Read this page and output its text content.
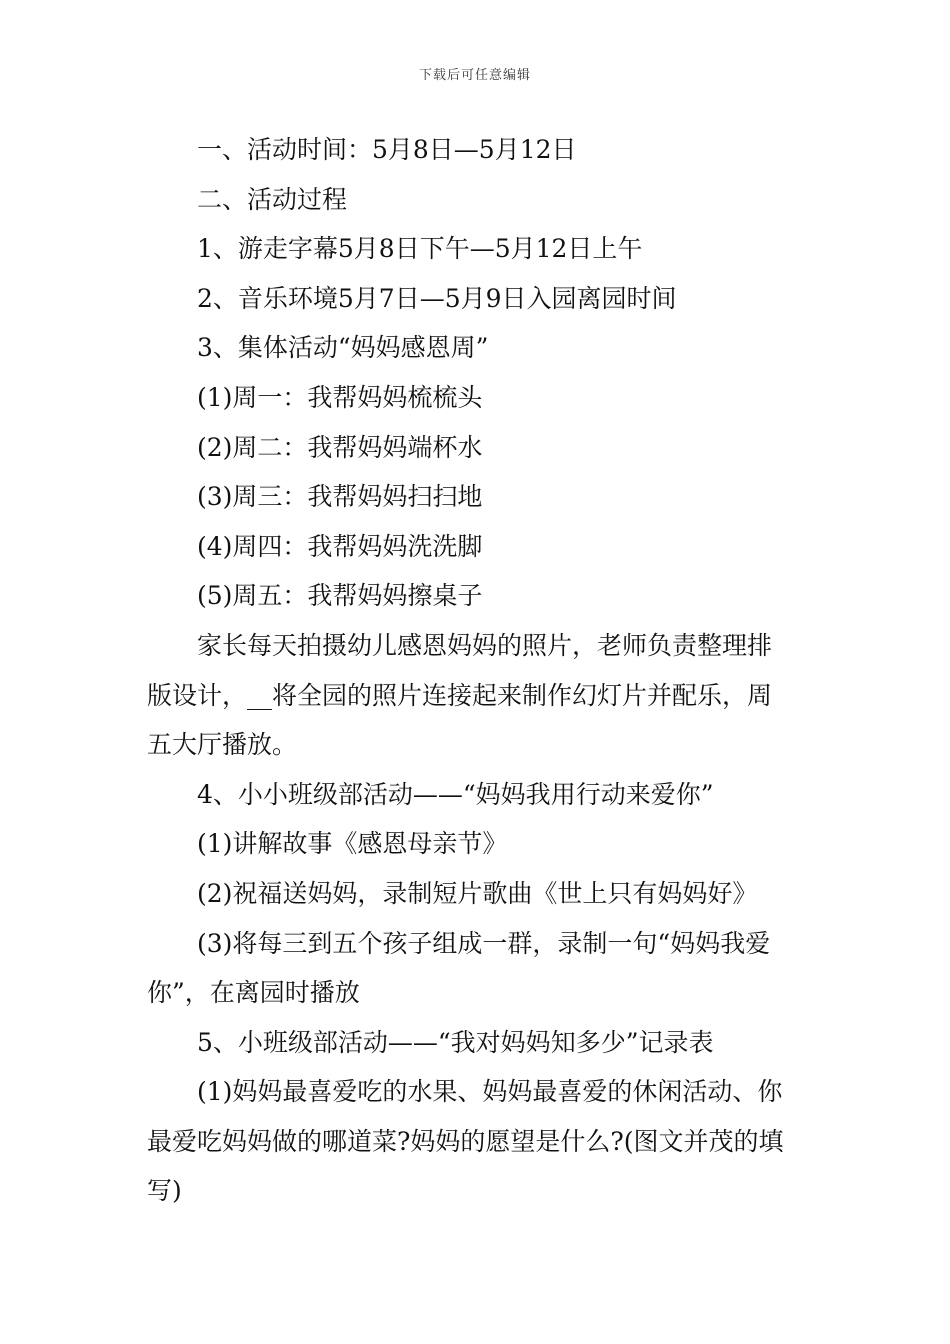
下载后可任意编辑

一、活动时间：5月8日—5月12日

二、活动过程

1、游走字幕5月8日下午—5月12日上午

2、音乐环境5月7日—5月9日入园离园时间

3、集体活动“妈妈感恩周”

(1)周一：我帮妈妈梳梳头

(2)周二：我帮妈妈端杯水

(3)周三：我帮妈妈扫扫地

(4)周四：我帮妈妈洗洗脚

(5)周五：我帮妈妈擦桌子

家长每天拍摄幼儿感恩妈妈的照片，老师负责整理排

版设计，__将全园的照片连接起来制作幻灯片并配乐，周

五大厅播放。

4、小小班级部活动——“妈妈我用行动来爱你”

(1)讲解故事《感恩母亲节》

(2)祝福送妈妈，录制短片歌曲《世上只有妈妈好》

(3)将每三到五个孩子组成一群，录制一句“妈妈我爱

你”，在离园时播放

5、小班级部活动——“我对妈妈知多少”记录表

(1)妈妈最喜爱吃的水果、妈妈最喜爱的休闲活动、你

最爱吃妈妈做的哪道菜?妈妈的愿望是什么?(图文并茂的填

写)
